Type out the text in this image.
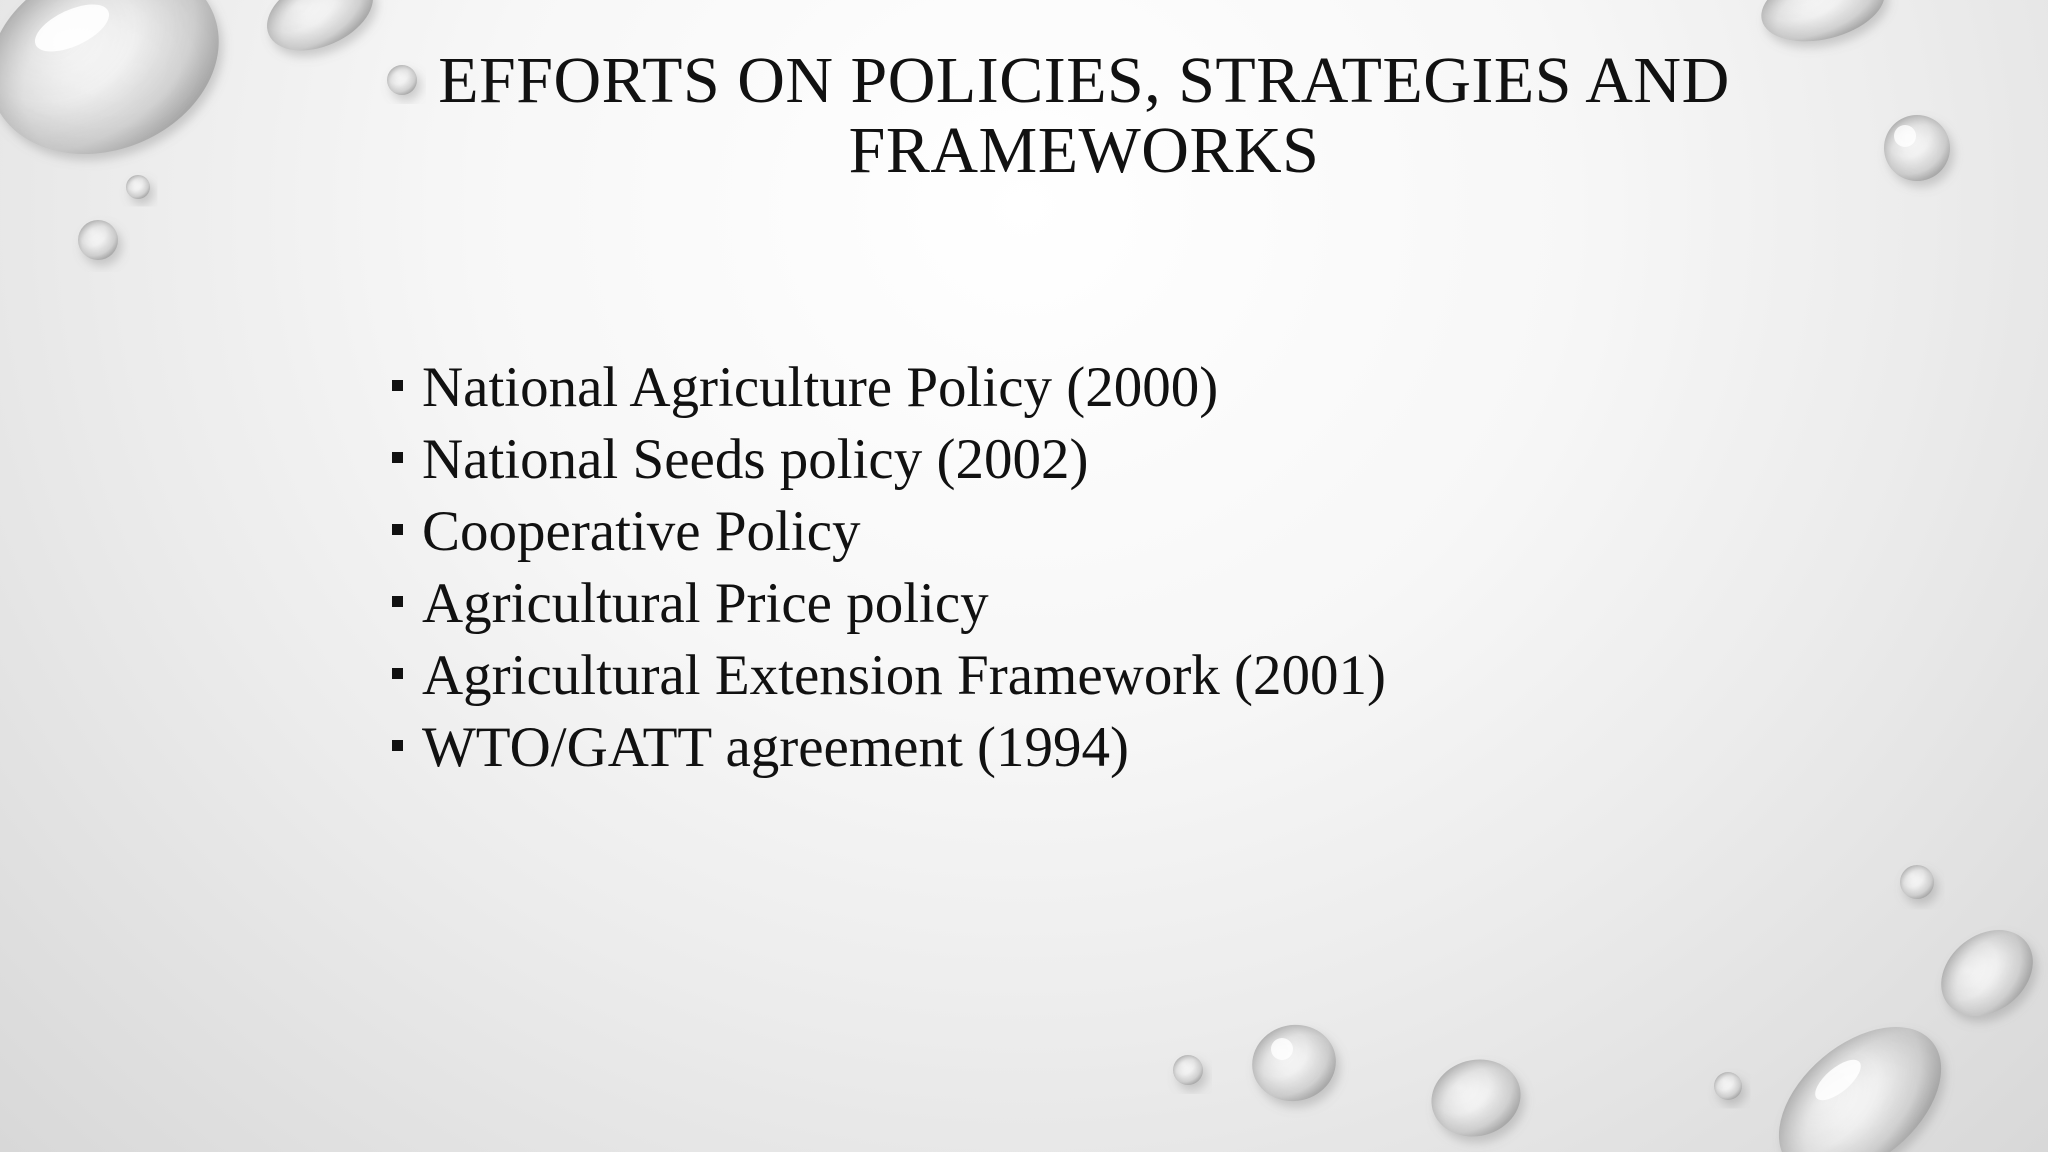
EFFORTS ON POLICIES, STRATEGIES AND FRAMEWORKS
National Agriculture Policy (2000)
National Seeds policy (2002)
Cooperative Policy
Agricultural Price policy
Agricultural Extension Framework (2001)
WTO/GATT agreement (1994)
